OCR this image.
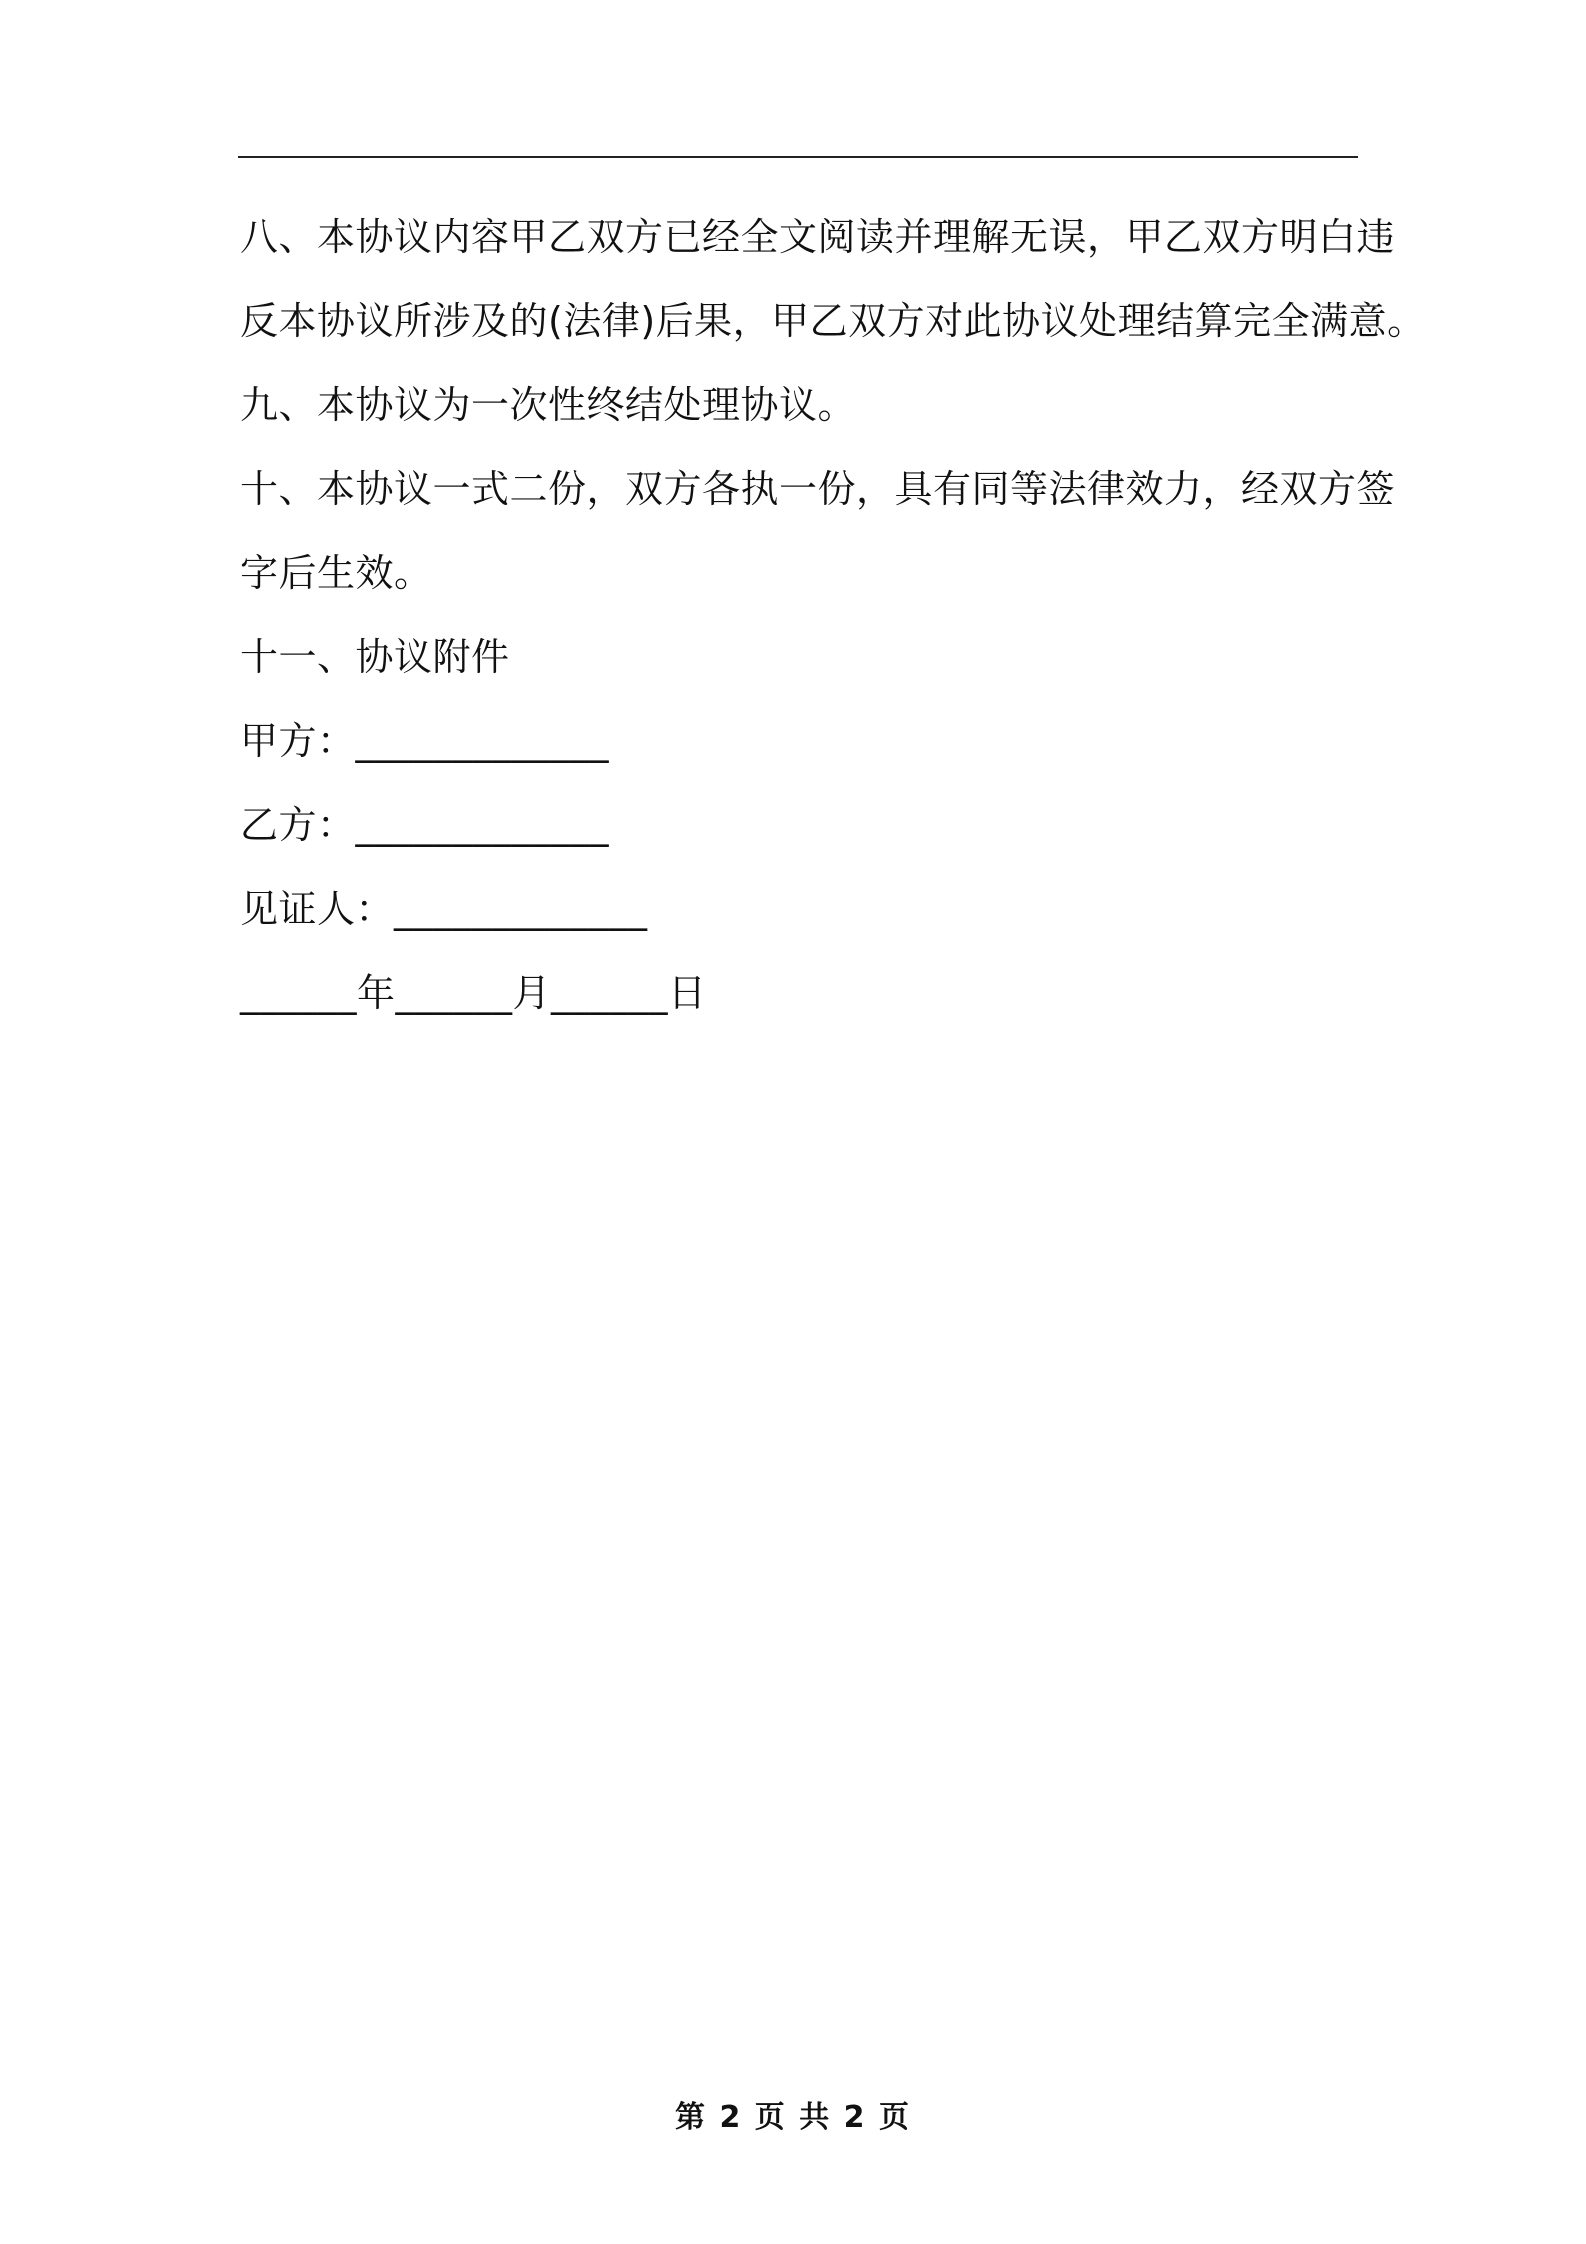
八、本协议内容甲乙双方已经全文阅读并理解无误，甲乙双方明白违
反本协议所涉及的(法律)后果，甲乙双方对此协议处理结算完全满意。
九、本协议为一次性终结处理协议。
十、本协议一式二份，双方各执一份，具有同等法律效力，经双方签
字后生效。
十一、协议附件
甲方：_____________
乙方：_____________
见证人：_____________
______年______月______日
第 2 页 共 2 页
